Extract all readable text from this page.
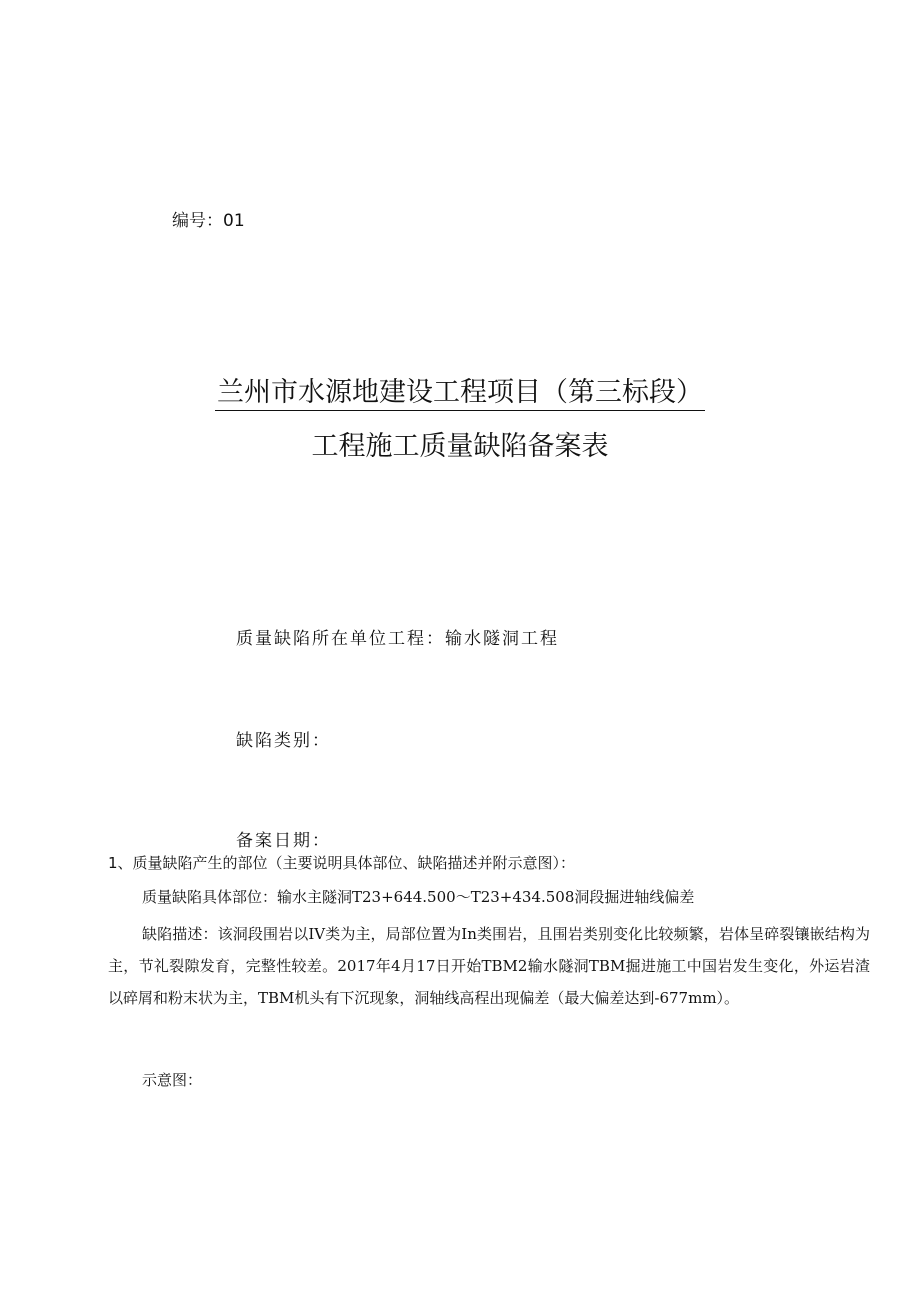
编号：01
兰州市水源地建设工程项目（第三标段）
工程施工质量缺陷备案表
质量缺陷所在单位工程：输水隧洞工程
缺陷类别：
备案日期：
1、质量缺陷产生的部位（主要说明具体部位、缺陷描述并附示意图）：
质量缺陷具体部位：输水主隧洞T23+644.500～T23+434.508洞段掘进轴线偏差
缺陷描述：该洞段围岩以IV类为主，局部位置为In类围岩，且围岩类别变化比较频繁，岩体呈碎裂镶嵌结构为主，节礼裂隙发育，完整性较差。2017年4月17日开始TBM2输水隧洞TBM掘进施工中国岩发生变化，外运岩渣以碎屑和粉末状为主，TBM机头有下沉现象，洞轴线高程出现偏差（最大偏差达到-677mm）。
示意图：
